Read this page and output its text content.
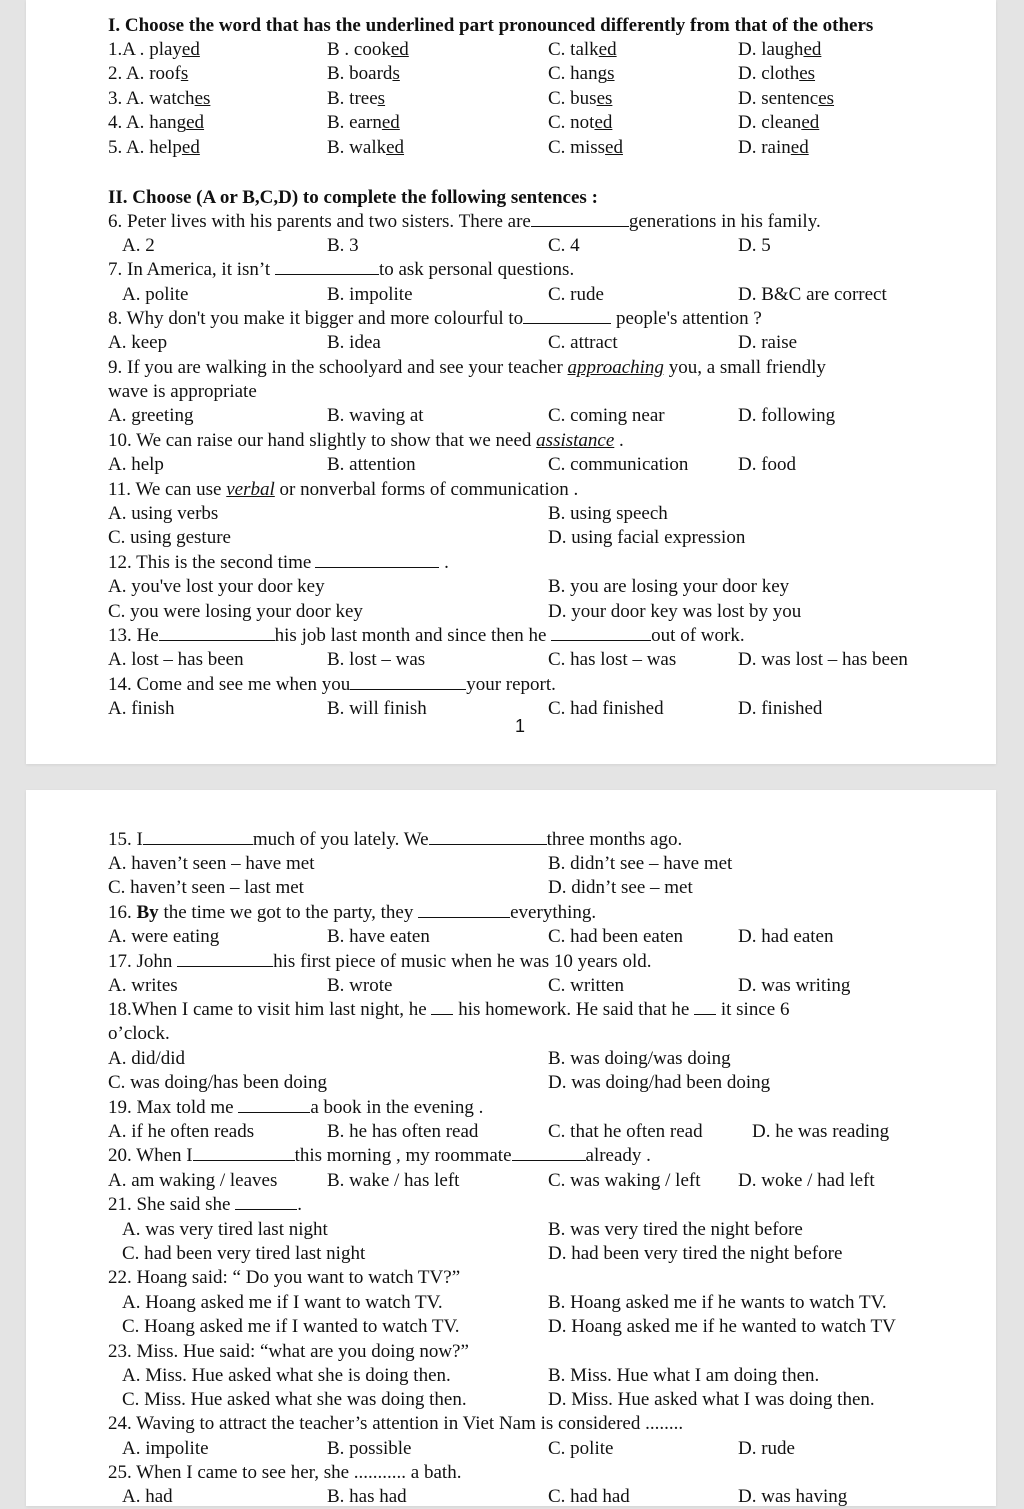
I. Choose the word that has the underlined part pronounced differently from that of the others
1.A . played	B . cooked	C. talked	D. laughed
2. A. roofs	B. boards	C. hangs	D. clothes
3. A. watches	B. trees	C. buses	D. sentences
4. A. hanged	B. earned	C. noted	D. cleaned
5. A. helped	B. walked	C. missed	D. rained
II. Choose (A or B,C,D) to complete the following sentences :
6. Peter lives with his parents and two sisters. There are	generations in his family.
A. 2	B. 3	C. 4	D. 5
7. In America, it isn’t	to ask personal questions.
A. polite	B. impolite	C. rude	D. B&C are correct
8. Why don't you make it bigger and more colourful to	people's attention ?
A. keep	B. idea	C. attract	D. raise
9. If you are walking in the schoolyard and see your teacher approaching you, a small friendly
wave is appropriate
A. greeting	B. waving at	C. coming near	D. following
10. We can raise our hand slightly to show that we need assistance .
A. help	B. attention	C. communication	D. food
11. We can use verbal or nonverbal forms of communication .
A. using verbs	B. using speech
C. using gesture	D. using facial expression
12. This is the second time	.
A. you've lost your door key	B. you are losing your door key
C. you were losing your door key	D. your door key was lost by you
13. He	his job last month and since then he	out of work.
A. lost – has been	B. lost – was	C. has lost – was	D. was lost – has been
14. Come and see me when you	your report.
A. finish	B. will finish	C. had finished	D. finished
1
15. I	much of you lately. We	three months ago.
A. haven’t seen – have met	B. didn’t see – have met
C. haven’t seen – last met	D. didn’t see – met
16. By the time we got to the party, they	everything.
A. were eating	B. have eaten	C. had been eaten	D. had eaten
17. John	his first piece of music when he was 10 years old.
A. writes	B. wrote	C. written	D. was writing
18.When I came to visit him last night, he  his homework. He said that he  it since 6
o’clock.
A. did/did	B. was doing/was doing
C. was doing/has been doing	D. was doing/had been doing
19. Max told me	a book in the evening .
A. if he often reads	B. he has often read	C. that he often read	D. he was reading
20. When I	this morning , my roommate	already .
A. am waking / leaves	B. wake / has left	C. was waking / left D. woke / had left
21. She said she	.
A. was very tired last night	B. was very tired the night before
C. had been very tired last night	D. had been very tired the night before
22. Hoang said: “ Do you want to watch TV?”
A. Hoang asked me if I want to watch TV.	B. Hoang asked me if he wants to watch TV.
C. Hoang asked me if I wanted to watch TV.	D. Hoang asked me if he wanted to watch TV
23. Miss. Hue said: “what are you doing now?”
A. Miss. Hue asked what she is doing then.	B. Miss. Hue what I am doing then.
C. Miss. Hue asked what she was doing then.	D. Miss. Hue asked what I was doing then.
24. Waving to attract the teacher’s attention in Viet Nam is considered ........
A. impolite	B. possible	C. polite	D. rude
25. When I came to see her, she ........... a bath.
A. had	B. has had	C. had had	D. was having
